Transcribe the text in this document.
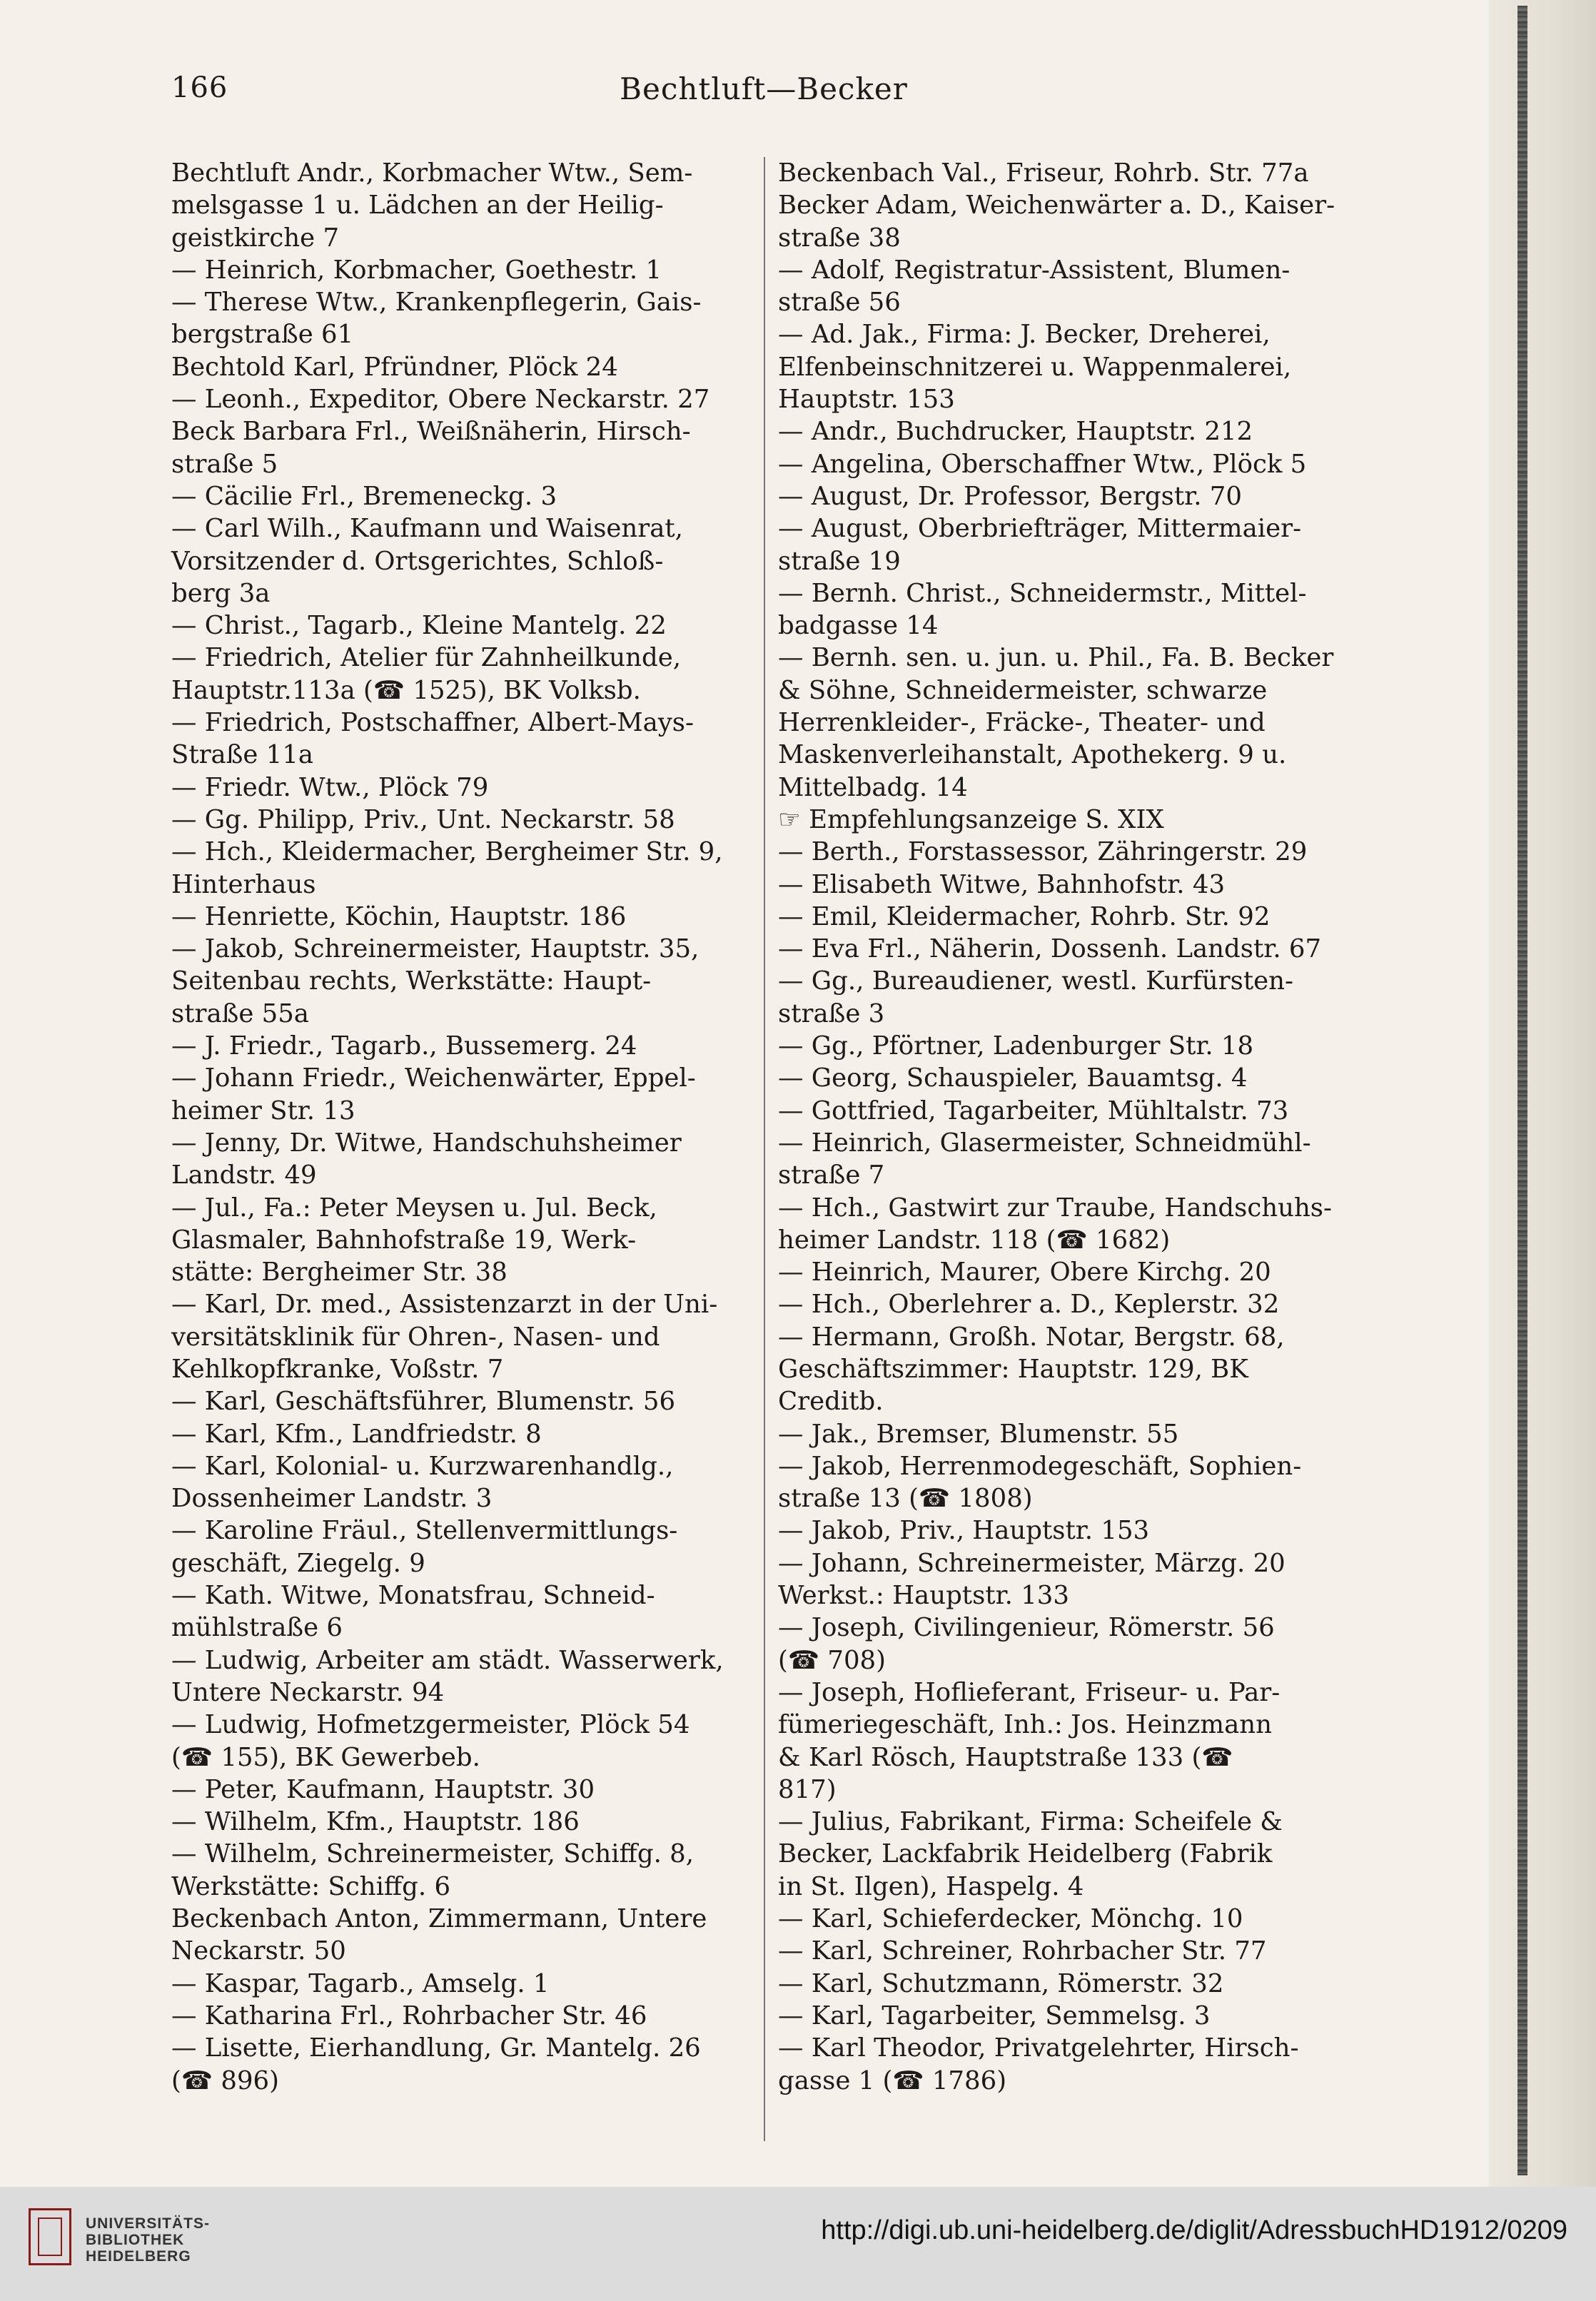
166	Bechtluft—Becker
Bechtluft Andr., Korbmacher Wtw., Sem-
melsgasse 1 u. Lädchen an der Heilig-
geistkirche 7
— Heinrich, Korbmacher, Goethestr. 1
— Therese Wtw., Krankenpflegerin, Gais-
bergstraße 61
Bechtold Karl, Pfründner, Plöck 24
— Leonh., Expeditor, Obere Neckarstr. 27
Beck Barbara Frl., Weißnäherin, Hirsch-
straße 5
— Cäcilie Frl., Bremeneckg. 3
— Carl Wilh., Kaufmann und Waisenrat,
Vorsitzender d. Ortsgerichtes, Schloß-
berg 3a
— Christ., Tagarb., Kleine Mantelg. 22
— Friedrich, Atelier für Zahnheilkunde,
Hauptstr.113a (☎ 1525), BK Volksb.
— Friedrich, Postschaffner, Albert-Mays-
Straße 11a
— Friedr. Wtw., Plöck 79
— Gg. Philipp, Priv., Unt. Neckarstr. 58
— Hch., Kleidermacher, Bergheimer Str. 9,
Hinterhaus
— Henriette, Köchin, Hauptstr. 186
— Jakob, Schreinermeister, Hauptstr. 35,
Seitenbau rechts, Werkstätte: Haupt-
straße 55a
— J. Friedr., Tagarb., Bussemerg. 24
— Johann Friedr., Weichenwärter, Eppel-
heimer Str. 13
— Jenny, Dr. Witwe, Handschuhsheimer
Landstr. 49
— Jul., Fa.: Peter Meysen u. Jul. Beck,
Glasmaler, Bahnhofstraße 19, Werk-
stätte: Bergheimer Str. 38
— Karl, Dr. med., Assistenzarzt in der Uni-
versitätsklinik für Ohren-, Nasen- und
Kehlkopfkranke, Voßstr. 7
— Karl, Geschäftsführer, Blumenstr. 56
— Karl, Kfm., Landfriedstr. 8
— Karl, Kolonial- u. Kurzwarenhandlg.,
Dossenheimer Landstr. 3
— Karoline Fräul., Stellenvermittlungs-
geschäft, Ziegelg. 9
— Kath. Witwe, Monatsfrau, Schneid-
mühlstraße 6
— Ludwig, Arbeiter am städt. Wasserwerk,
Untere Neckarstr. 94
— Ludwig, Hofmetzgermeister, Plöck 54
(☎ 155), BK Gewerbeb.
— Peter, Kaufmann, Hauptstr. 30
— Wilhelm, Kfm., Hauptstr. 186
— Wilhelm, Schreinermeister, Schiffg. 8,
Werkstätte: Schiffg. 6
Beckenbach Anton, Zimmermann, Untere
Neckarstr. 50
— Kaspar, Tagarb., Amselg. 1
— Katharina Frl., Rohrbacher Str. 46
— Lisette, Eierhandlung, Gr. Mantelg. 26
(☎ 896)
Beckenbach Val., Friseur, Rohrb. Str. 77a
Becker Adam, Weichenwärter a. D., Kaiser-
straße 38
— Adolf, Registratur-Assistent, Blumen-
straße 56
— Ad. Jak., Firma: J. Becker, Dreherei,
Elfenbeinschnitzerei u. Wappenmalerei,
Hauptstr. 153
— Andr., Buchdrucker, Hauptstr. 212
— Angelina, Oberschaffner Wtw., Plöck 5
— August, Dr. Professor, Bergstr. 70
— August, Oberbriefträger, Mittermaier-
straße 19
— Bernh. Christ., Schneidermstr., Mittel-
badgasse 14
— Bernh. sen. u. jun. u. Phil., Fa. B. Becker
& Söhne, Schneidermeister, schwarze
Herrenkleider-, Fräcke-, Theater- und
Maskenverleihanstalt, Apothekerg. 9 u.
Mittelbadg. 14
☞ Empfehlungsanzeige S. XIX
— Berth., Forstassessor, Zähringerstr. 29
— Elisabeth Witwe, Bahnhofstr. 43
— Emil, Kleidermacher, Rohrb. Str. 92
— Eva Frl., Näherin, Dossenh. Landstr. 67
— Gg., Bureaudiener, westl. Kurfürsten-
straße 3
— Gg., Pförtner, Ladenburger Str. 18
— Georg, Schauspieler, Bauamtsg. 4
— Gottfried, Tagarbeiter, Mühltalstr. 73
— Heinrich, Glasermeister, Schneidmühl-
straße 7
— Hch., Gastwirt zur Traube, Handschuhs-
heimer Landstr. 118 (☎ 1682)
— Heinrich, Maurer, Obere Kirchg. 20
— Hch., Oberlehrer a. D., Keplerstr. 32
— Hermann, Großh. Notar, Bergstr. 68,
Geschäftszimmer: Hauptstr. 129, BK
Creditb.
— Jak., Bremser, Blumenstr. 55
— Jakob, Herrenmodegeschäft, Sophien-
straße 13 (☎ 1808)
— Jakob, Priv., Hauptstr. 153
— Johann, Schreinermeister, Märzg. 20
Werkst.: Hauptstr. 133
— Joseph, Civilingenieur, Römerstr. 56
(☎ 708)
— Joseph, Hoflieferant, Friseur- u. Par-
fümeriegeschäft, Inh.: Jos. Heinzmann
& Karl Rösch, Hauptstraße 133 (☎
817)
— Julius, Fabrikant, Firma: Scheifele &
Becker, Lackfabrik Heidelberg (Fabrik
in St. Ilgen), Haspelg. 4
— Karl, Schieferdecker, Mönchg. 10
— Karl, Schreiner, Rohrbacher Str. 77
— Karl, Schutzmann, Römerstr. 32
— Karl, Tagarbeiter, Semmelsg. 3
— Karl Theodor, Privatgelehrter, Hirsch-
gasse 1 (☎ 1786)
UNIVERSITÄTS-
BIBLIOTHEK
HEIDELBERG
http://digi.ub.uni-heidelberg.de/diglit/AdressbuchHD1912/0209
